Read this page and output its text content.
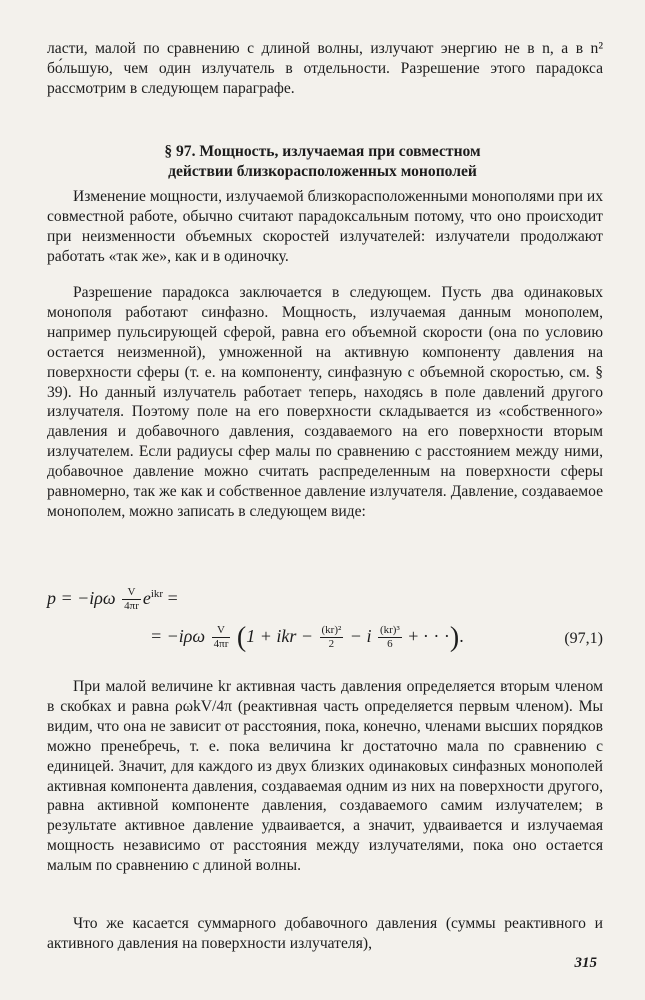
ласти, малой по сравнению с длиной волны, излучают энергию не в n, а в n² бо́льшую, чем один излучатель в отдельности. Разрешение этого парадокса рассмотрим в следующем параграфе.

§ 97. Мощность, излучаемая при совместном
действии близкорасположенных монополей

Изменение мощности, излучаемой близкорасположенными монополями при их совместной работе, обычно считают парадоксальным потому, что оно происходит при неизменности объемных скоростей излучателей: излучатели продолжают работать «так же», как и в одиночку.

Разрешение парадокса заключается в следующем. Пусть два одинаковых монополя работают синфазно. Мощность, излучаемая данным монополем, например пульсирующей сферой, равна его объемной скорости (она по условию остается неизменной), умноженной на активную компоненту давления на поверхности сферы (т. е. на компоненту, синфазную с объемной скоростью, см. § 39). Но данный излучатель работает теперь, находясь в поле давлений другого излучателя. Поэтому поле на его поверхности складывается из «собственного» давления и добавочного давления, создаваемого на его поверхности вторым излучателем. Если радиусы сфер малы по сравнению с расстоянием между ними, добавочное давление можно считать распределенным на поверхности сферы равномерно, так же как и собственное давление излучателя. Давление, создаваемое монополем, можно записать в следующем виде:

$p = -i\rho\omega \frac{V}{4\pi r} e^{ikr}$ =
= $-i\rho\omega \frac{V}{4\pi r} (1$ + ikr − $\frac{\text{(kr)²}}{2} - i \frac{\text{(kr)³}}{6}$ + · · ·).	(97,1)

При малой величине kr активная часть давления определяется вторым членом в скобках и равна ρωkV/4π (реактивная часть определяется первым членом). Мы видим, что она не зависит от расстояния, пока, конечно, членами высших порядков можно пренебречь, т. е. пока величина kr достаточно мала по сравнению с единицей. Значит, для каждого из двух близких одинаковых синфазных монополей активная компонента давления, создаваемая одним из них на поверхности другого, равна активной компоненте давления, создаваемого самим излучателем; в результате активное давление удваивается, а значит, удваивается и излучаемая мощность независимо от расстояния между излучателями, пока оно остается малым по сравнению с длиной волны.

Что же касается суммарного добавочного давления (суммы реактивного и активного давления на поверхности излучателя),

315
